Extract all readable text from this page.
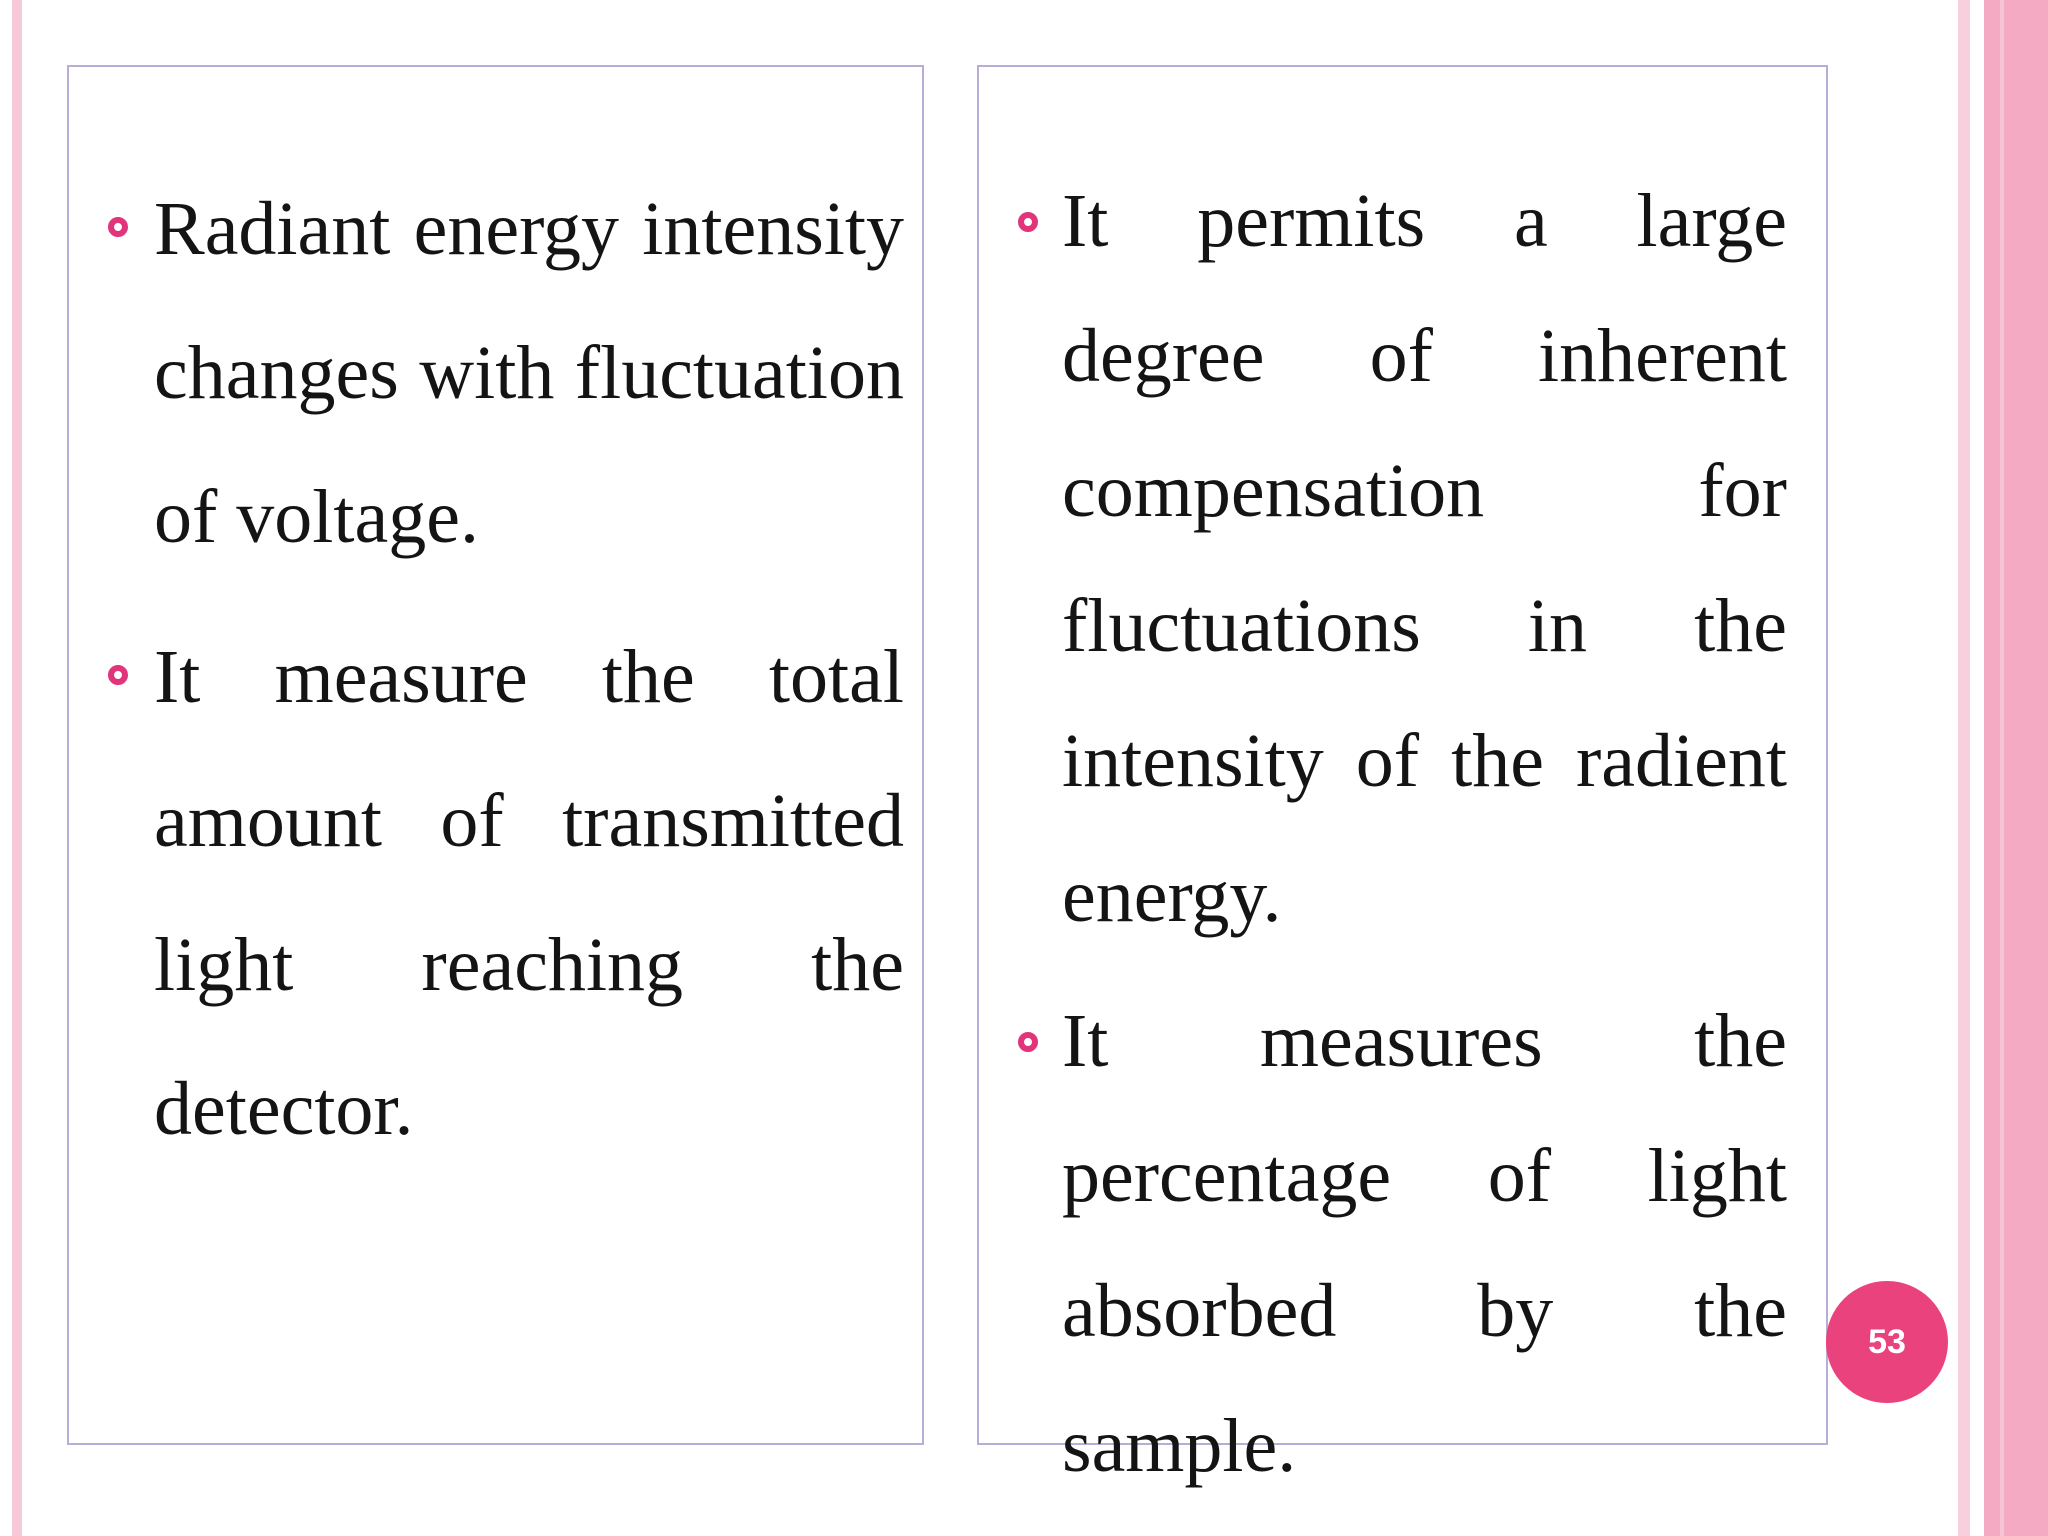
Radiant energy intensity changes with fluctuation of voltage.

It measure the total amount of transmitted light reaching the detector.

It permits a large degree of inherent compensation for fluctuations in the intensity of the radient energy.

It measures the percentage of light absorbed by the sample.

53
